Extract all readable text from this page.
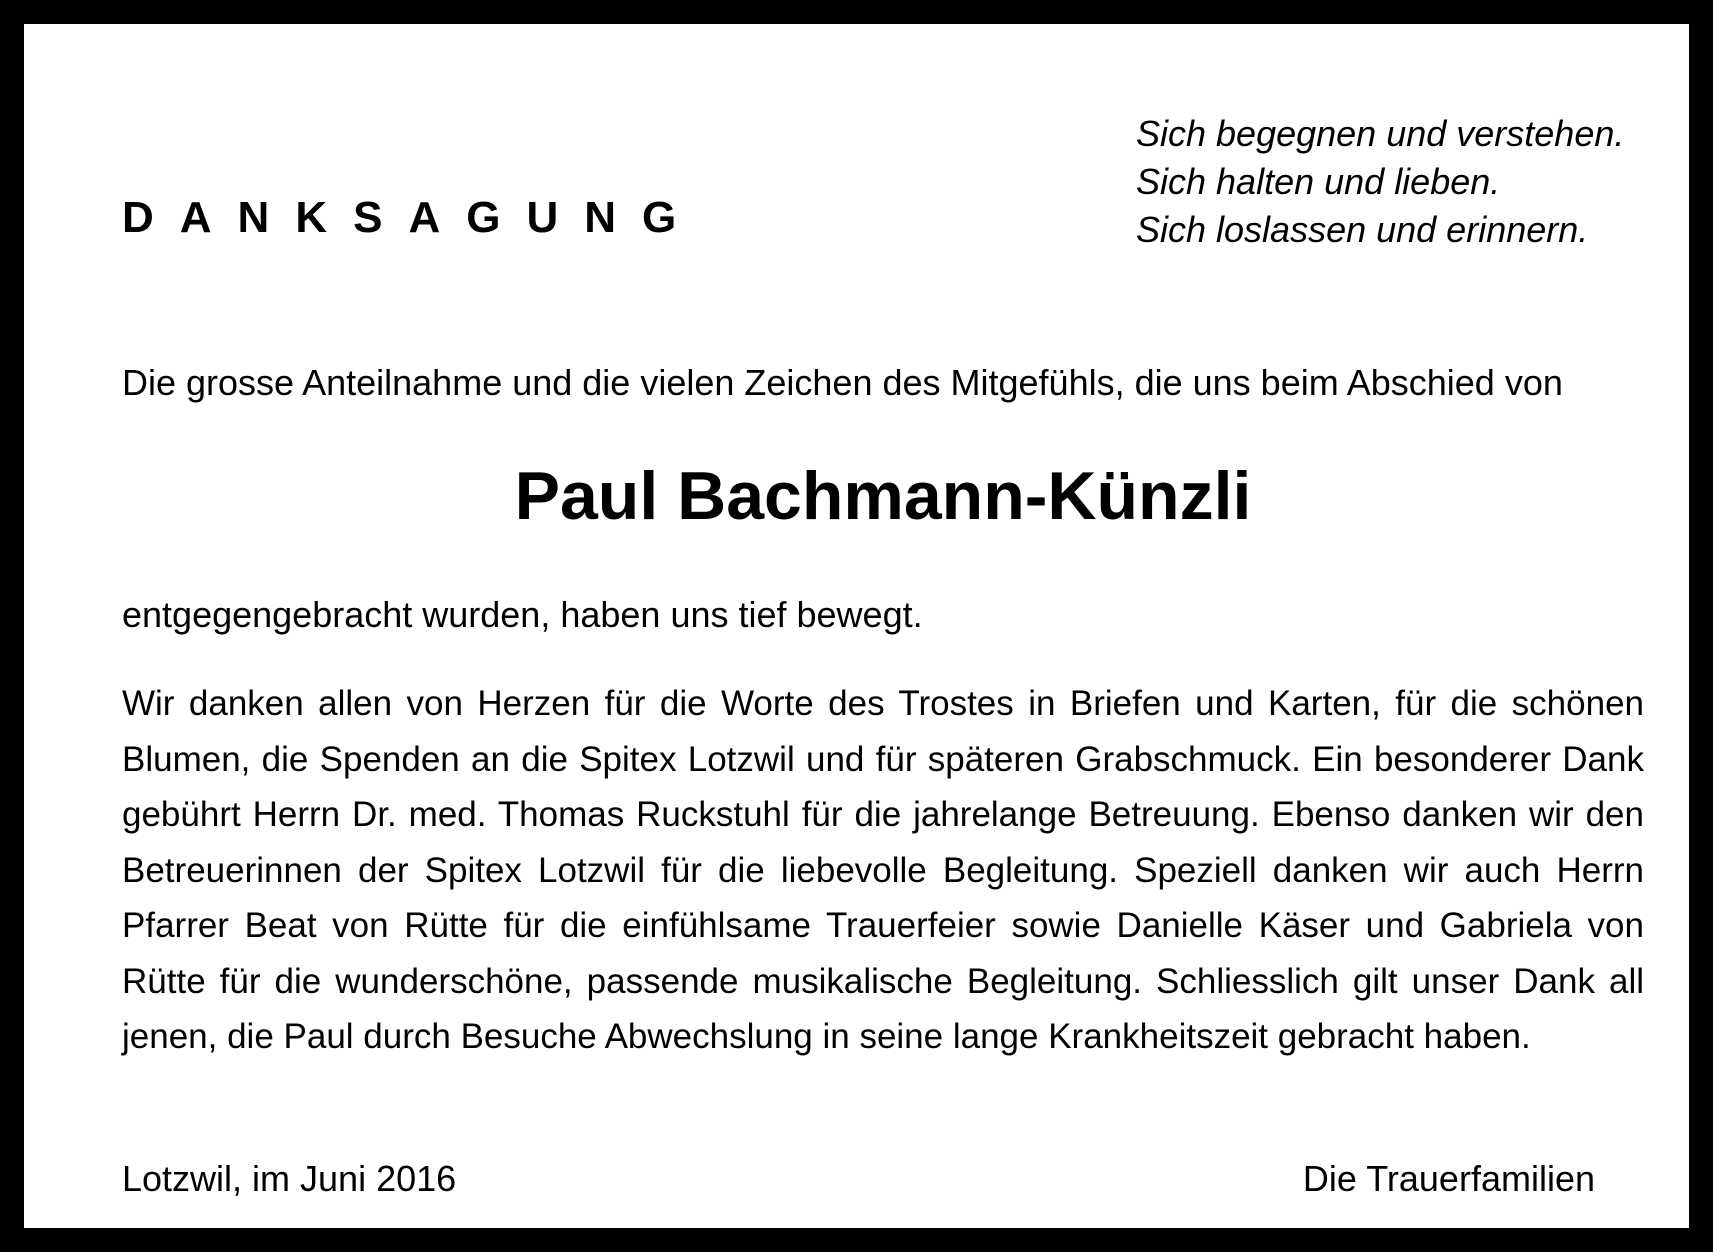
DANKSAGUNG
Sich begegnen und verstehen.
Sich halten und lieben.
Sich loslassen und erinnern.
Die grosse Anteilnahme und die vielen Zeichen des Mitgefühls, die uns beim Abschied von
Paul Bachmann-Künzli
entgegengebracht wurden, haben uns tief bewegt.

Wir danken allen von Herzen für die Worte des Trostes in Briefen und Karten, für die schönen Blumen, die Spenden an die Spitex Lotzwil und für späteren Grabschmuck. Ein besonderer Dank gebührt Herrn Dr. med. Thomas Ruckstuhl für die jahrelange Betreuung. Ebenso danken wir den Betreuerinnen der Spitex Lotzwil für die liebevolle Begleitung. Speziell danken wir auch Herrn Pfarrer Beat von Rütte für die einfühlsame Trauerfeier sowie Danielle Käser und Gabriela von Rütte für die wunderschöne, passende musikalische Begleitung. Schliesslich gilt unser Dank all jenen, die Paul durch Besuche Abwechslung in seine lange Krankheitszeit gebracht haben.

Lotzwil, im Juni 2016	Die Trauerfamilien
